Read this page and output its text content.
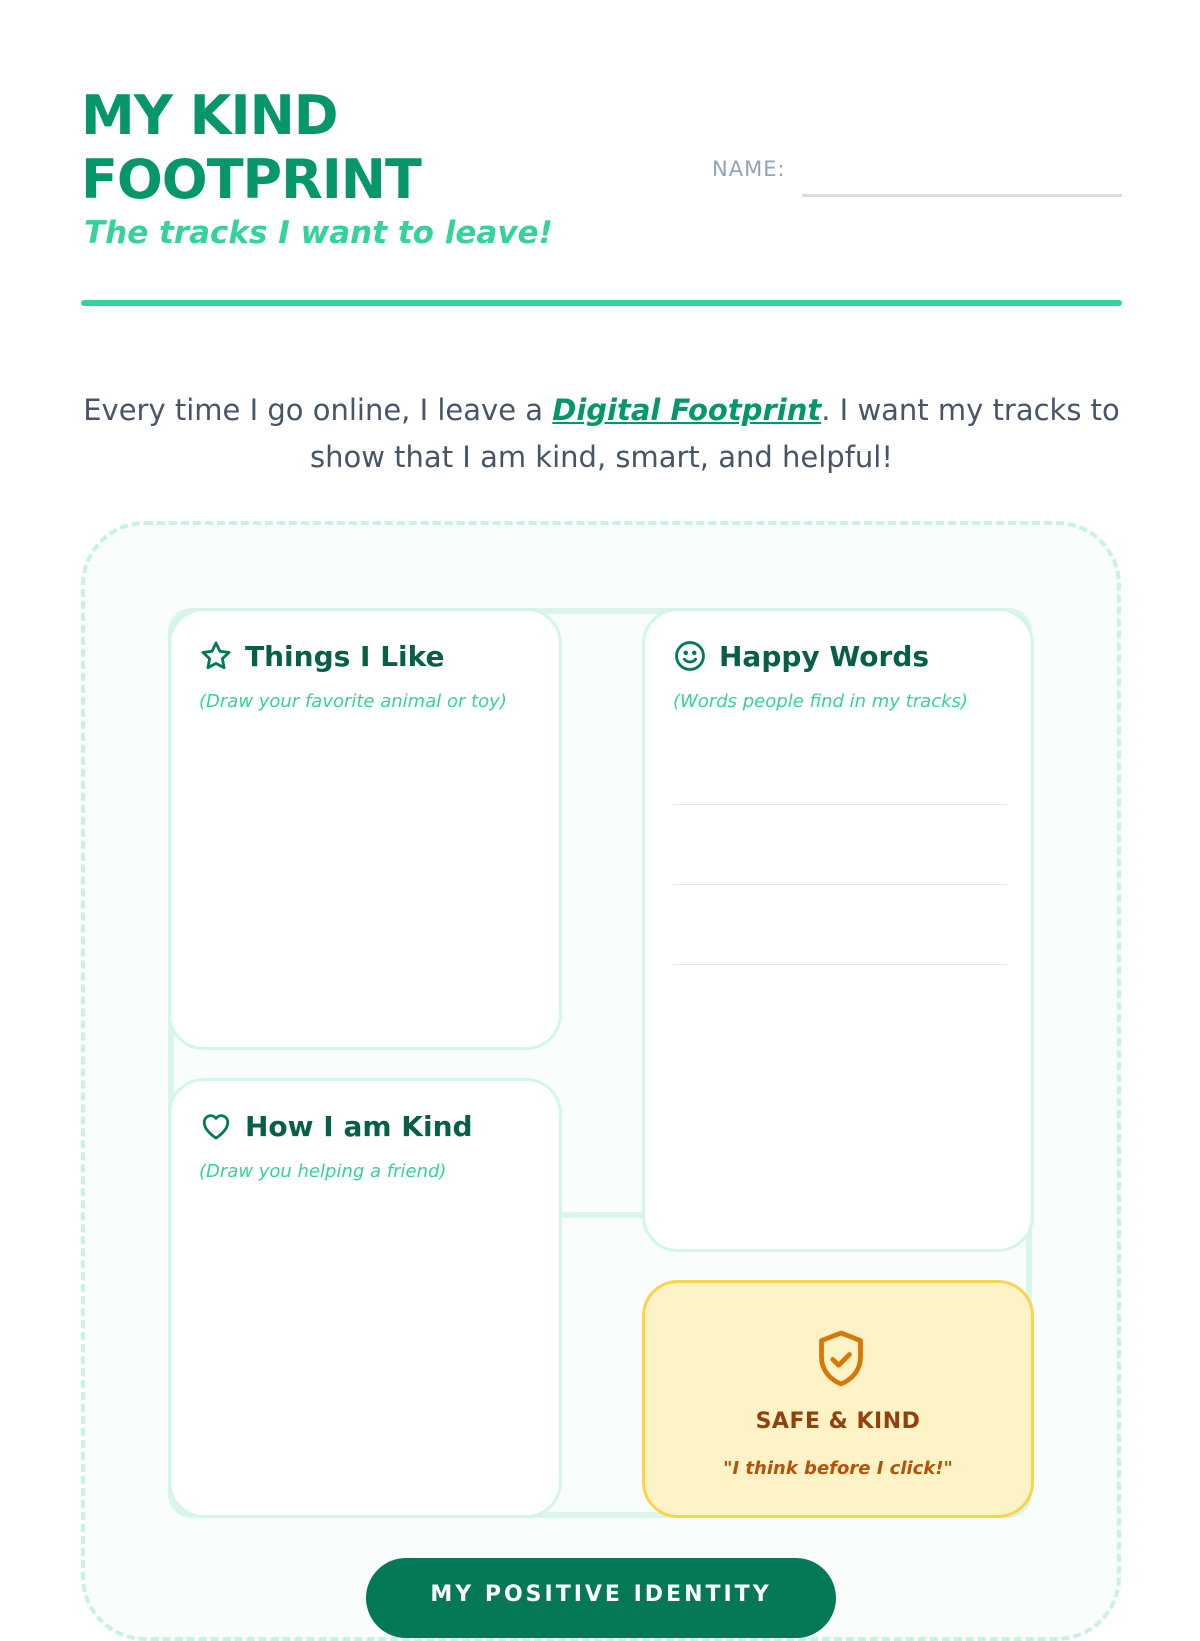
MY KIND
FOOTPRINT
The tracks I want to leave!
NAME:

Every time I go online, I leave a Digital Footprint. I want my tracks to show that I am kind, smart, and helpful!

Things I Like
(Draw your favorite animal or toy)
Happy Words
(Words people find in my tracks)
How I am Kind
(Draw you helping a friend)
SAFE & KIND
"I think before I click!"
MY POSITIVE IDENTITY
